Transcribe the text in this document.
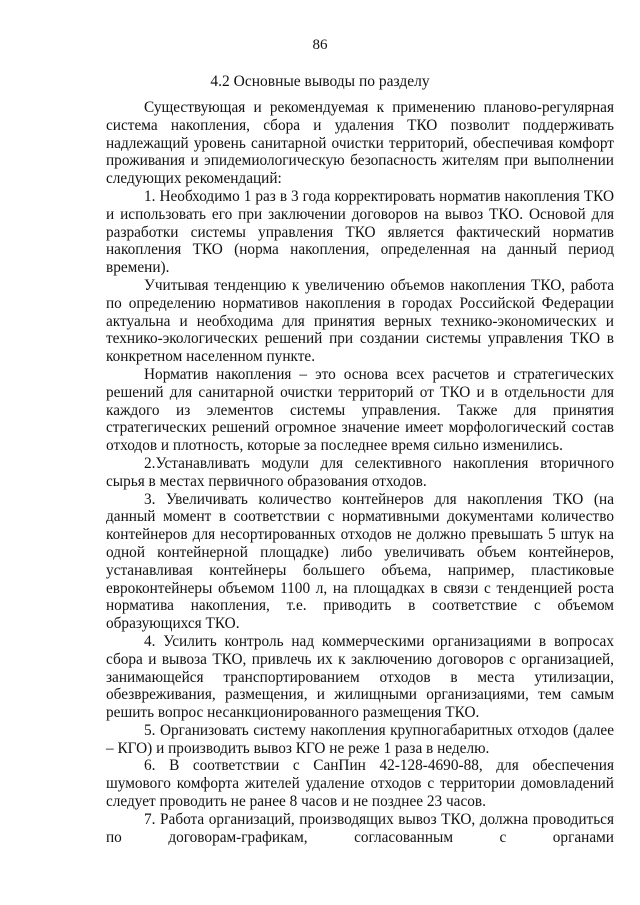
86
4.2 Основные выводы по разделу

Существующая и рекомендуемая к применению планово-регулярная система накопления, сбора и удаления ТКО позволит поддерживать надлежащий уровень санитарной очистки территорий, обеспечивая комфорт проживания и эпидемиологическую безопасность жителям при выполнении следующих рекомендаций:

1. Необходимо 1 раз в 3 года корректировать норматив накопления ТКО и использовать его при заключении договоров на вывоз ТКО. Основой для разработки системы управления ТКО является фактический норматив накопления ТКО (норма накопления, определенная на данный период времени).

Учитывая тенденцию к увеличению объемов накопления ТКО, работа по определению нормативов накопления в городах Российской Федерации актуальна и необходима для принятия верных технико-экономических и технико-экологических решений при создании системы управления ТКО в конкретном населенном пункте.

Норматив накопления – это основа всех расчетов и стратегических решений для санитарной очистки территорий от ТКО и в отдельности для каждого из элементов системы управления. Также для принятия стратегических решений огромное значение имеет морфологический состав отходов и плотность, которые за последнее время сильно изменились.

2.Устанавливать модули для селективного накопления вторичного сырья в местах первичного образования отходов.

3. Увеличивать количество контейнеров для накопления ТКО (на данный момент в соответствии с нормативными документами количество контейнеров для несортированных отходов не должно превышать 5 штук на одной контейнерной площадке) либо увеличивать объем контейнеров, устанавливая контейнеры большего объема, например, пластиковые евроконтейнеры объемом 1100 л, на площадках в связи с тенденцией роста норматива накопления, т.е. приводить в соответствие с объемом образующихся ТКО.

4. Усилить контроль над коммерческими организациями в вопросах сбора и вывоза ТКО, привлечь их к заключению договоров с организацией, занимающейся транспортированием отходов в места утилизации, обезвреживания, размещения, и жилищными организациями, тем самым решить вопрос несанкционированного размещения ТКО.

5. Организовать систему накопления крупногабаритных отходов (далее – КГО) и производить вывоз КГО не реже 1 раза в неделю.

6. В соответствии с СанПин 42-128-4690-88, для обеспечения шумового комфорта жителей удаление отходов с территории домовладений следует проводить не ранее 8 часов и не позднее 23 часов.

7. Работа организаций, производящих вывоз ТКО, должна проводиться по договорам-графикам, согласованным с органами
